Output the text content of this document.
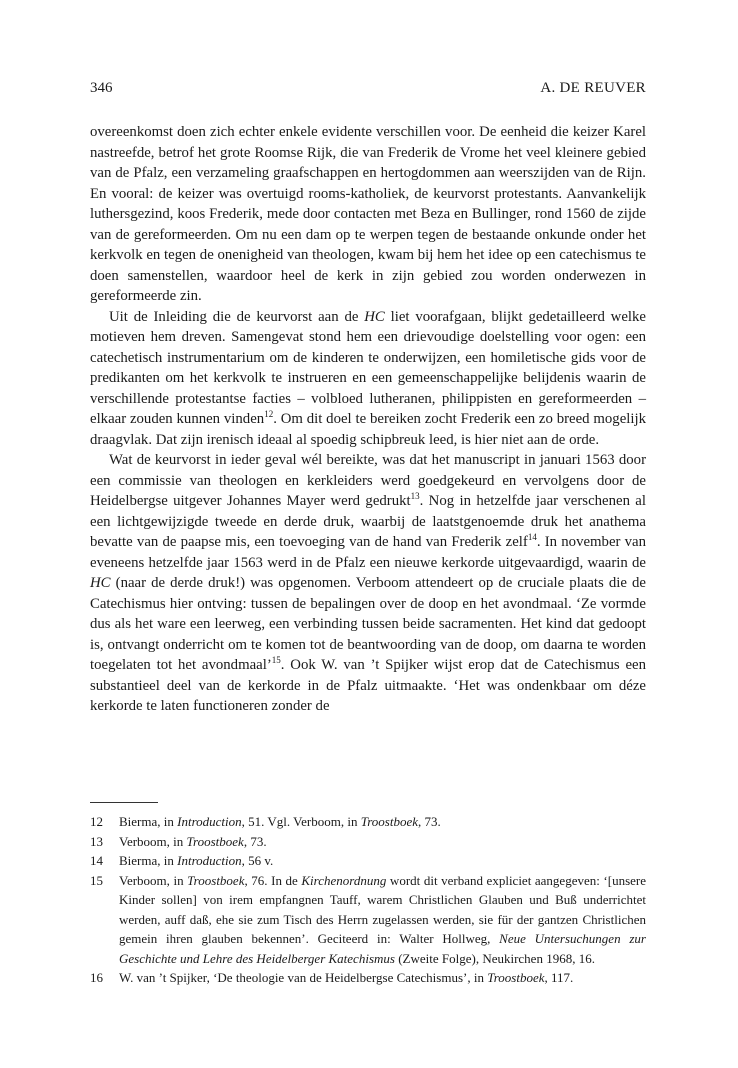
346	A. DE REUVER

overeenkomst doen zich echter enkele evidente verschillen voor. De eenheid die keizer Karel nastreefde, betrof het grote Roomse Rijk, die van Frederik de Vrome het veel kleinere gebied van de Pfalz, een verzameling graafschappen en hertogdommen aan weerszijden van de Rijn. En vooral: de keizer was overtuigd rooms-katholiek, de keurvorst protestants. Aanvankelijk luthersgezind, koos Frederik, mede door contacten met Beza en Bullinger, rond 1560 de zijde van de gereformeerden. Om nu een dam op te werpen tegen de bestaande onkunde onder het kerkvolk en tegen de onenigheid van theologen, kwam bij hem het idee op een catechismus te doen samenstellen, waardoor heel de kerk in zijn gebied zou worden onderwezen in gereformeerde zin.

Uit de Inleiding die de keurvorst aan de HC liet voorafgaan, blijkt gedetailleerd welke motieven hem dreven. Samengevat stond hem een drievoudige doelstelling voor ogen: een catechetisch instrumentarium om de kinderen te onderwijzen, een homiletische gids voor de predikanten om het kerkvolk te instrueren en een gemeenschappelijke belijdenis waarin de verschillende protestantse facties – volbloed lutheranen, philippisten en gereformeerden – elkaar zouden kunnen vinden$^{12}$. Om dit doel te bereiken zocht Frederik een zo breed mogelijk draagvlak. Dat zijn irenisch ideaal al spoedig schipbreuk leed, is hier niet aan de orde.

Wat de keurvorst in ieder geval wél bereikte, was dat het manuscript in januari 1563 door een commissie van theologen en kerkleiders werd goedgekeurd en vervolgens door de Heidelbergse uitgever Johannes Mayer werd gedrukt$^{13}$. Nog in hetzelfde jaar verschenen al een lichtgewijzigde tweede en derde druk, waarbij de laatstgenoemde druk het anathema bevatte van de paapse mis, een toevoeging van de hand van Frederik zelf$^{14}$. In november van eveneens hetzelfde jaar 1563 werd in de Pfalz een nieuwe kerkorde uitgevaardigd, waarin de HC (naar de derde druk!) was opgenomen. Verboom attendeert op de cruciale plaats die de Catechismus hier ontving: tussen de bepalingen over de doop en het avondmaal. ‘Ze vormde dus als het ware een leerweg, een verbinding tussen beide sacramenten. Het kind dat gedoopt is, ontvangt onderricht om te komen tot de beantwoording van de doop, om daarna te worden toegelaten tot het avondmaal’$^{15}$. Ook W. van ’t Spijker wijst erop dat de Catechismus een substantieel deel van de kerkorde in de Pfalz uitmaakte. ‘Het was ondenkbaar om déze kerkorde te laten functioneren zonder de

12 Bierma, in Introduction, 51. Vgl. Verboom, in Troostboek, 73.
13 Verboom, in Troostboek, 73.
14 Bierma, in Introduction, 56 v.
15 Verboom, in Troostboek, 76. In de Kirchenordnung wordt dit verband expliciet aangegeven: ‘[unsere Kinder sollen] von irem empfangnen Tauff, warem Christlichen Glauben und Buß underrichtet werden, auff daß, ehe sie zum Tisch des Herrn zugelassen werden, sie für der gantzen Christlichen gemein ihren glauben bekennen’. Geciteerd in: Walter Hollweg, Neue Untersuchungen zur Geschichte und Lehre des Heidelberger Katechismus (Zweite Folge), Neukirchen 1968, 16.
16 W. van ’t Spijker, ‘De theologie van de Heidelbergse Catechismus’, in Troostboek, 117.
